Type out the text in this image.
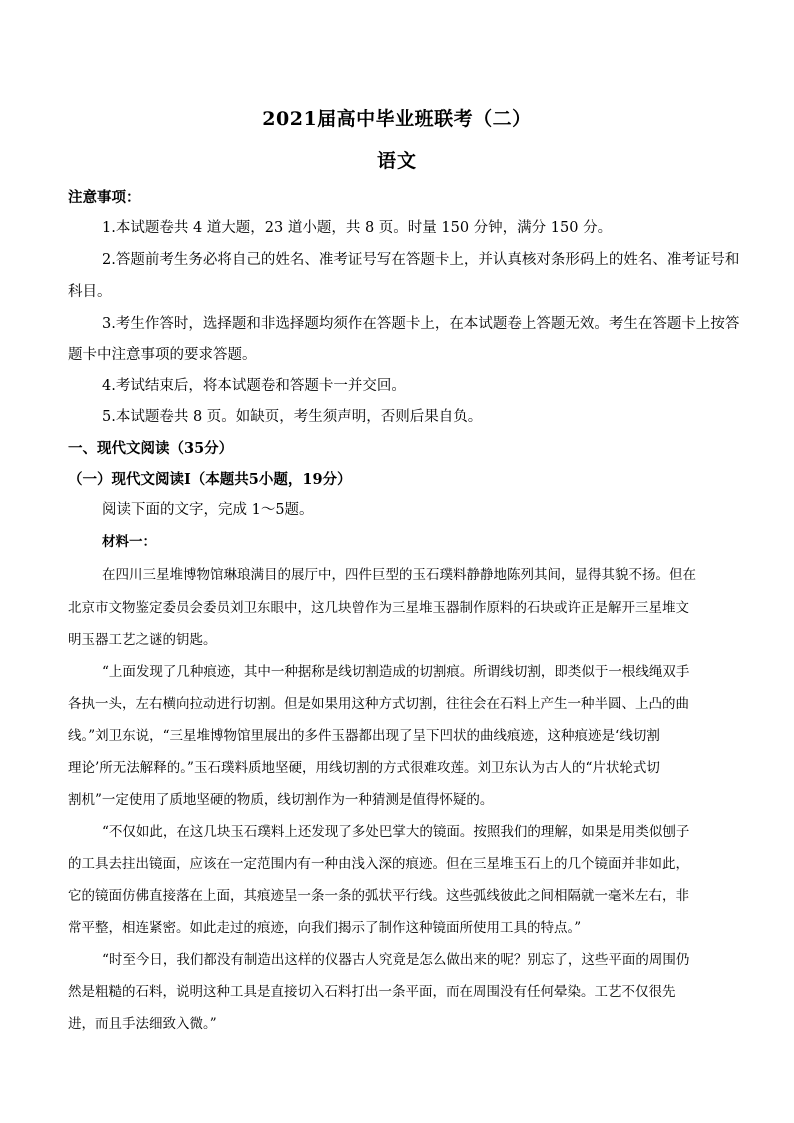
2021届高中毕业班联考（二）
语文
注意事项：
1.本试题卷共 4 道大题，23 道小题，共 8 页。时量 150 分钟，满分 150 分。
2.答题前考生务必将自己的姓名、准考证号写在答题卡上，并认真核对条形码上的姓名、准考证号和
科目。
3.考生作答时，选择题和非选择题均须作在答题卡上，在本试题卷上答题无效。考生在答题卡上按答
题卡中注意事项的要求答题。
4.考试结束后，将本试题卷和答题卡一并交回。
5.本试题卷共 8 页。如缺页，考生须声明，否则后果自负。
一、现代文阅读（35分）
（一）现代文阅读Ⅰ（本题共5小题，19分）
阅读下面的文字，完成 1～5题。
材料一：
在四川三星堆博物馆琳琅满目的展厅中，四件巨型的玉石璞料静静地陈列其间，显得其貌不扬。但在
北京市文物鉴定委员会委员刘卫东眼中，这几块曾作为三星堆玉器制作原料的石块或许正是解开三星堆文
明玉器工艺之谜的钥匙。
“上面发现了几种痕迹，其中一种据称是线切割造成的切割痕。所谓线切割，即类似于一根线绳双手
各执一头，左右横向拉动进行切割。但是如果用这种方式切割，往往会在石料上产生一种半圆、上凸的曲
线。”刘卫东说，“三星堆博物馆里展出的多件玉器都出现了呈下凹状的曲线痕迹，这种痕迹是‘线切割
理论’所无法解释的。”玉石璞料质地坚硬，用线切割的方式很难攻莲。刘卫东认为古人的“片状轮式切
割机”一定使用了质地坚硬的物质，线切割作为一种猜测是值得怀疑的。
“不仅如此，在这几块玉石璞料上还发现了多处巴掌大的镜面。按照我们的理解，如果是用类似刨子
的工具去拄出镜面，应该在一定范围内有一种由浅入深的痕迹。但在三星堆玉石上的几个镜面并非如此，
它的镜面仿佛直接落在上面，其痕迹呈一条一条的弧状平行线。这些弧线彼此之间相隔就一毫米左右，非
常平整，相连紧密。如此走过的痕迹，向我们揭示了制作这种镜面所使用工具的特点。”
“时至今日，我们都没有制造出这样的仪器古人究竟是怎么做出来的呢？别忘了，这些平面的周围仍
然是粗糙的石料，说明这种工具是直接切入石料打出一条平面，而在周围没有任何晕染。工艺不仅很先
进，而且手法细致入微。”
